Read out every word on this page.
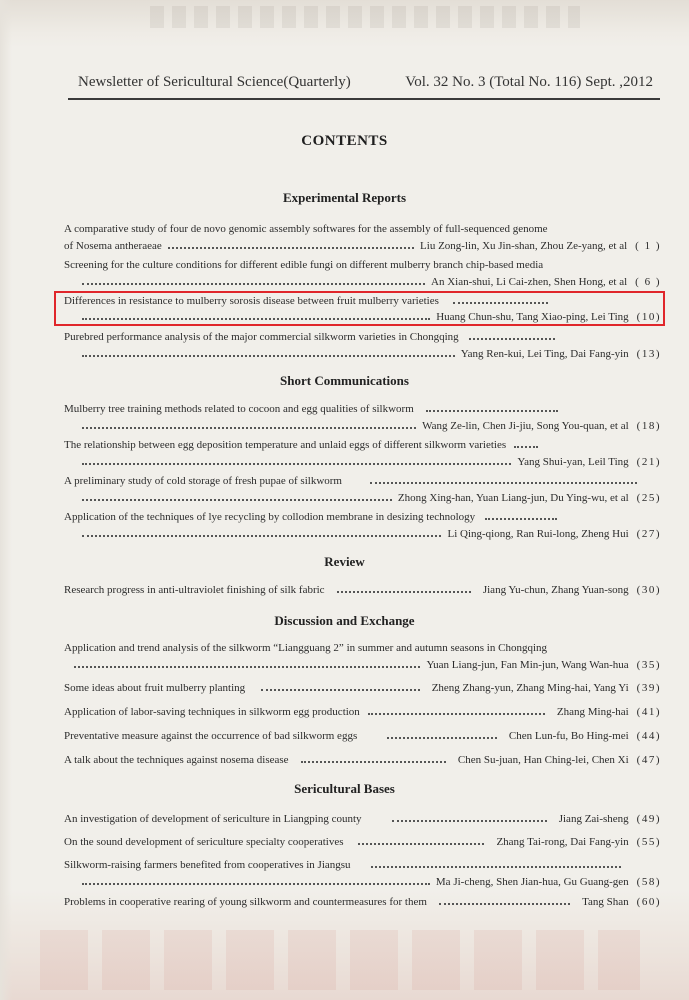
Newsletter of Sericultural Science(Quarterly)	Vol. 32 No. 3 (Total No. 116) Sept. ,2012
CONTENTS
Experimental Reports
A comparative study of four de novo genomic assembly softwares for the assembly of full-sequenced genome
of Nosema antheraeae	Liu Zong-lin, Xu Jin-shan, Zhou Ze-yang, et al ( 1 )
Screening for the culture conditions for different edible fungi on different mulberry branch chip-based media
An Xian-shui, Li Cai-zhen, Shen Hong, et al ( 6 )
Differences in resistance to mulberry sorosis disease between fruit mulberry varieties
Huang Chun-shu, Tang Xiao-ping, Lei Ting (10)
Purebred performance analysis of the major commercial silkworm varieties in Chongqing
Yang Ren-kui, Lei Ting, Dai Fang-yin (13)
Short Communications
Mulberry tree training methods related to cocoon and egg qualities of silkworm
Wang Ze-lin, Chen Ji-jiu, Song You-quan, et al (18)
The relationship between egg deposition temperature and unlaid eggs of different silkworm varieties
Yang Shui-yan, Leil Ting (21)
A preliminary study of cold storage of fresh pupae of silkworm
Zhong Xing-han, Yuan Liang-jun, Du Ying-wu, et al (25)
Application of the techniques of lye recycling by collodion membrane in desizing technology
Li Qing-qiong, Ran Rui-long, Zheng Hui (27)
Review
Research progress in anti-ultraviolet finishing of silk fabric	Jiang Yu-chun, Zhang Yuan-song (30)
Discussion and Exchange
Application and trend analysis of the silkworm “Liangguang 2” in summer and autumn seasons in Chongqing
Yuan Liang-jun, Fan Min-jun, Wang Wan-hua (35)
Some ideas about fruit mulberry planting	Zheng Zhang-yun, Zhang Ming-hai, Yang Yi (39)
Application of labor-saving techniques in silkworm egg production	Zhang Ming-hai (41)
Preventative measure against the occurrence of bad silkworm eggs	Chen Lun-fu, Bo Hing-mei (44)
A talk about the techniques against nosema disease	Chen Su-juan, Han Ching-lei, Chen Xi (47)
Sericultural Bases
An investigation of development of sericulture in Liangping county	Jiang Zai-sheng (49)
On the sound development of sericulture specialty cooperatives	Zhang Tai-rong, Dai Fang-yin (55)
Silkworm-raising farmers benefited from cooperatives in Jiangsu
Ma Ji-cheng, Shen Jian-hua, Gu Guang-gen (58)
Problems in cooperative rearing of young silkworm and countermeasures for them	Tang Shan (60)
